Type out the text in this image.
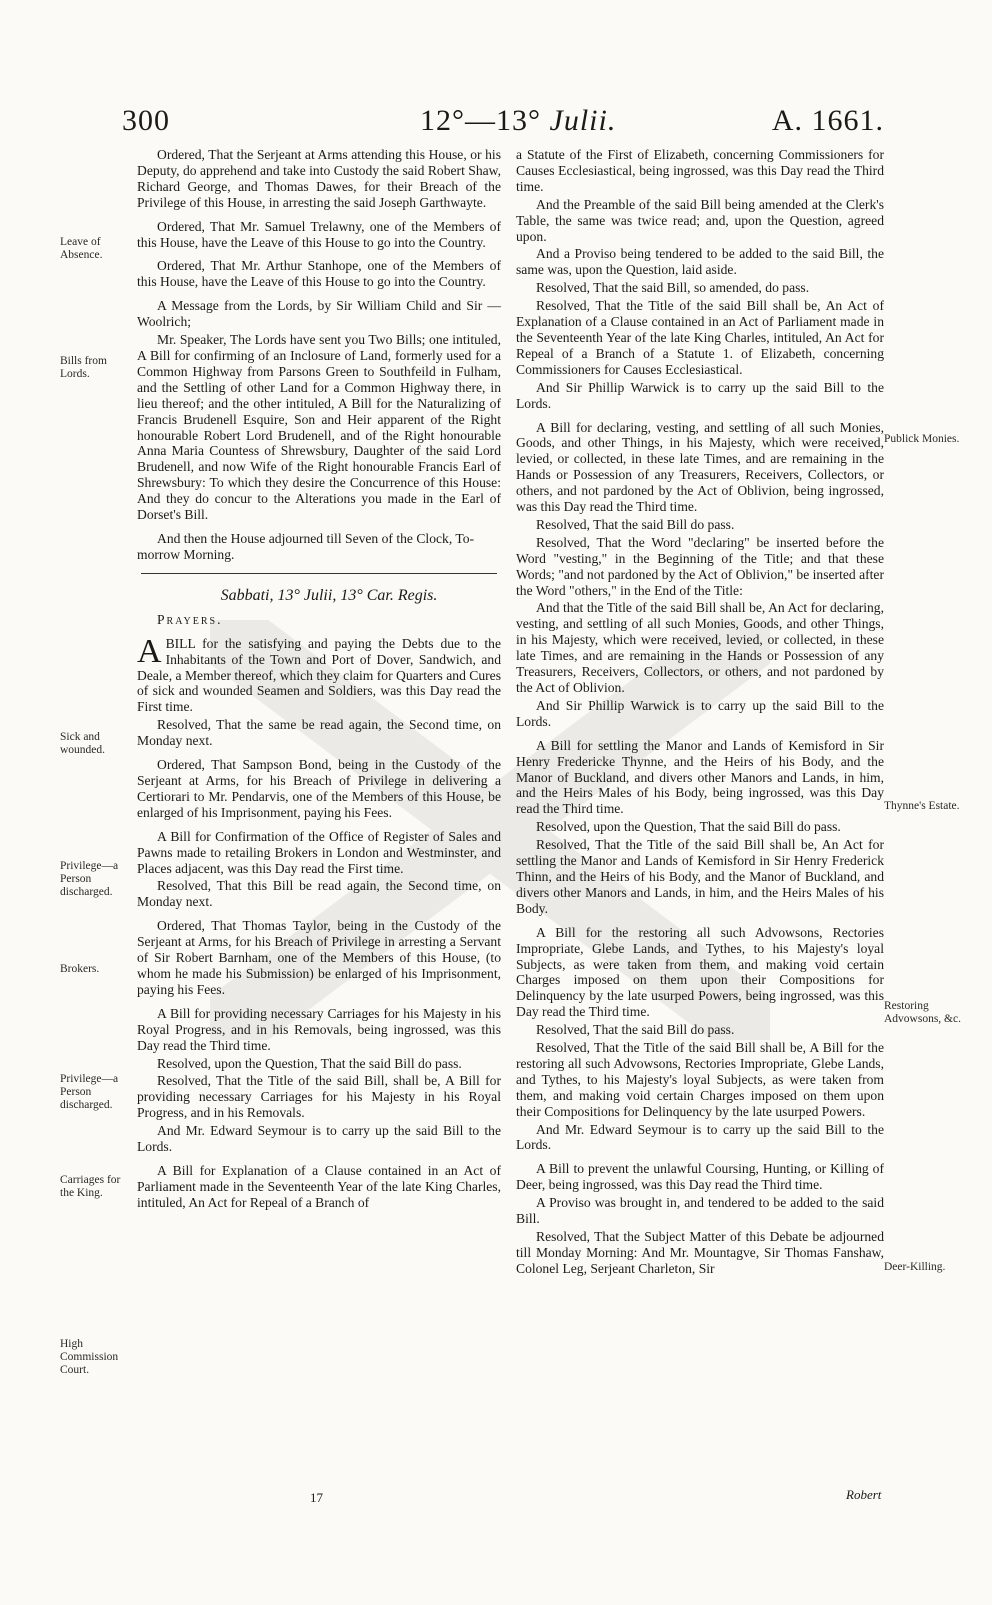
300	12°—13° Julii.	A. 1661.
Leave of Absence.
Bills from Lords.
Sick and wounded.
Privilege—a Person discharged.
Brokers.
Privilege—a Person discharged.
Carriages for the King.
High Commission Court.
Publick Monies.
Thynne's Estate.
Restoring Advowsons, &c.
Deer-Killing.

Ordered, That the Serjeant at Arms attending this House, or his Deputy, do apprehend and take into Custody the said Robert Shaw, Richard George, and Thomas Dawes, for their Breach of the Privilege of this House, in arresting the said Joseph Garthwayte.

Ordered, That Mr. Samuel Trelawny, one of the Members of this House, have the Leave of this House to go into the Country.

Ordered, That Mr. Arthur Stanhope, one of the Members of this House, have the Leave of this House to go into the Country.

A Message from the Lords, by Sir William Child and Sir — Woolrich;

Mr. Speaker, The Lords have sent you Two Bills; one intituled, A Bill for confirming of an Inclosure of Land, formerly used for a Common Highway from Parsons Green to Southfeild in Fulham, and the Settling of other Land for a Common Highway there, in lieu thereof; and the other intituled, A Bill for the Naturalizing of Francis Brudenell Esquire, Son and Heir apparent of the Right honourable Robert Lord Brudenell, and of the Right honourable Anna Maria Countess of Shrewsbury, Daughter of the said Lord Brudenell, and now Wife of the Right honourable Francis Earl of Shrewsbury: To which they desire the Concurrence of this House: And they do concur to the Alterations you made in the Earl of Dorset's Bill.

And then the House adjourned till Seven of the Clock, To-morrow Morning.

Sabbati, 13° Julii, 13° Car. Regis.

Prayers.

ABILL for the satisfying and paying the Debts due to the Inhabitants of the Town and Port of Dover, Sandwich, and Deale, a Member thereof, which they claim for Quarters and Cures of sick and wounded Seamen and Soldiers, was this Day read the First time.

Resolved, That the same be read again, the Second time, on Monday next.

Ordered, That Sampson Bond, being in the Custody of the Serjeant at Arms, for his Breach of Privilege in delivering a Certiorari to Mr. Pendarvis, one of the Members of this House, be enlarged of his Imprisonment, paying his Fees.

A Bill for Confirmation of the Office of Register of Sales and Pawns made to retailing Brokers in London and Westminster, and Places adjacent, was this Day read the First time.

Resolved, That this Bill be read again, the Second time, on Monday next.

Ordered, That Thomas Taylor, being in the Custody of the Serjeant at Arms, for his Breach of Privilege in arresting a Servant of Sir Robert Barnham, one of the Members of this House, (to whom he made his Submission) be enlarged of his Imprisonment, paying his Fees.

A Bill for providing necessary Carriages for his Majesty in his Royal Progress, and in his Removals, being ingrossed, was this Day read the Third time.

Resolved, upon the Question, That the said Bill do pass.

Resolved, That the Title of the said Bill, shall be, A Bill for providing necessary Carriages for his Majesty in his Royal Progress, and in his Removals.

And Mr. Edward Seymour is to carry up the said Bill to the Lords.

A Bill for Explanation of a Clause contained in an Act of Parliament made in the Seventeenth Year of the late King Charles, intituled, An Act for Repeal of a Branch of

a Statute of the First of Elizabeth, concerning Commissioners for Causes Ecclesiastical, being ingrossed, was this Day read the Third time.

And the Preamble of the said Bill being amended at the Clerk's Table, the same was twice read; and, upon the Question, agreed upon.

And a Proviso being tendered to be added to the said Bill, the same was, upon the Question, laid aside.

Resolved, That the said Bill, so amended, do pass.

Resolved, That the Title of the said Bill shall be, An Act of Explanation of a Clause contained in an Act of Parliament made in the Seventeenth Year of the late King Charles, intituled, An Act for Repeal of a Branch of a Statute 1. of Elizabeth, concerning Commissioners for Causes Ecclesiastical.

And Sir Phillip Warwick is to carry up the said Bill to the Lords.

A Bill for declaring, vesting, and settling of all such Monies, Goods, and other Things, in his Majesty, which were received, levied, or collected, in these late Times, and are remaining in the Hands or Possession of any Treasurers, Receivers, Collectors, or others, and not pardoned by the Act of Oblivion, being ingrossed, was this Day read the Third time.

Resolved, That the said Bill do pass.

Resolved, That the Word "declaring" be inserted before the Word "vesting," in the Beginning of the Title; and that these Words; "and not pardoned by the Act of Oblivion," be inserted after the Word "others," in the End of the Title:

And that the Title of the said Bill shall be, An Act for declaring, vesting, and settling of all such Monies, Goods, and other Things, in his Majesty, which were received, levied, or collected, in these late Times, and are remaining in the Hands or Possession of any Treasurers, Receivers, Collectors, or others, and not pardoned by the Act of Oblivion.

And Sir Phillip Warwick is to carry up the said Bill to the Lords.

A Bill for settling the Manor and Lands of Kemisford in Sir Henry Fredericke Thynne, and the Heirs of his Body, and the Manor of Buckland, and divers other Manors and Lands, in him, and the Heirs Males of his Body, being ingrossed, was this Day read the Third time.

Resolved, upon the Question, That the said Bill do pass.

Resolved, That the Title of the said Bill shall be, An Act for settling the Manor and Lands of Kemisford in Sir Henry Frederick Thinn, and the Heirs of his Body, and the Manor of Buckland, and divers other Manors and Lands, in him, and the Heirs Males of his Body.

A Bill for the restoring all such Advowsons, Rectories Impropriate, Glebe Lands, and Tythes, to his Majesty's loyal Subjects, as were taken from them, and making void certain Charges imposed on them upon their Compositions for Delinquency by the late usurped Powers, being ingrossed, was this Day read the Third time.

Resolved, That the said Bill do pass.

Resolved, That the Title of the said Bill shall be, A Bill for the restoring all such Advowsons, Rectories Impropriate, Glebe Lands, and Tythes, to his Majesty's loyal Subjects, as were taken from them, and making void certain Charges imposed on them upon their Compositions for Delinquency by the late usurped Powers.

And Mr. Edward Seymour is to carry up the said Bill to the Lords.

A Bill to prevent the unlawful Coursing, Hunting, or Killing of Deer, being ingrossed, was this Day read the Third time.

A Proviso was brought in, and tendered to be added to the said Bill.

Resolved, That the Subject Matter of this Debate be adjourned till Monday Morning: And Mr. Mountagve, Sir Thomas Fanshaw, Colonel Leg, Serjeant Charleton, Sir

17	Robert
